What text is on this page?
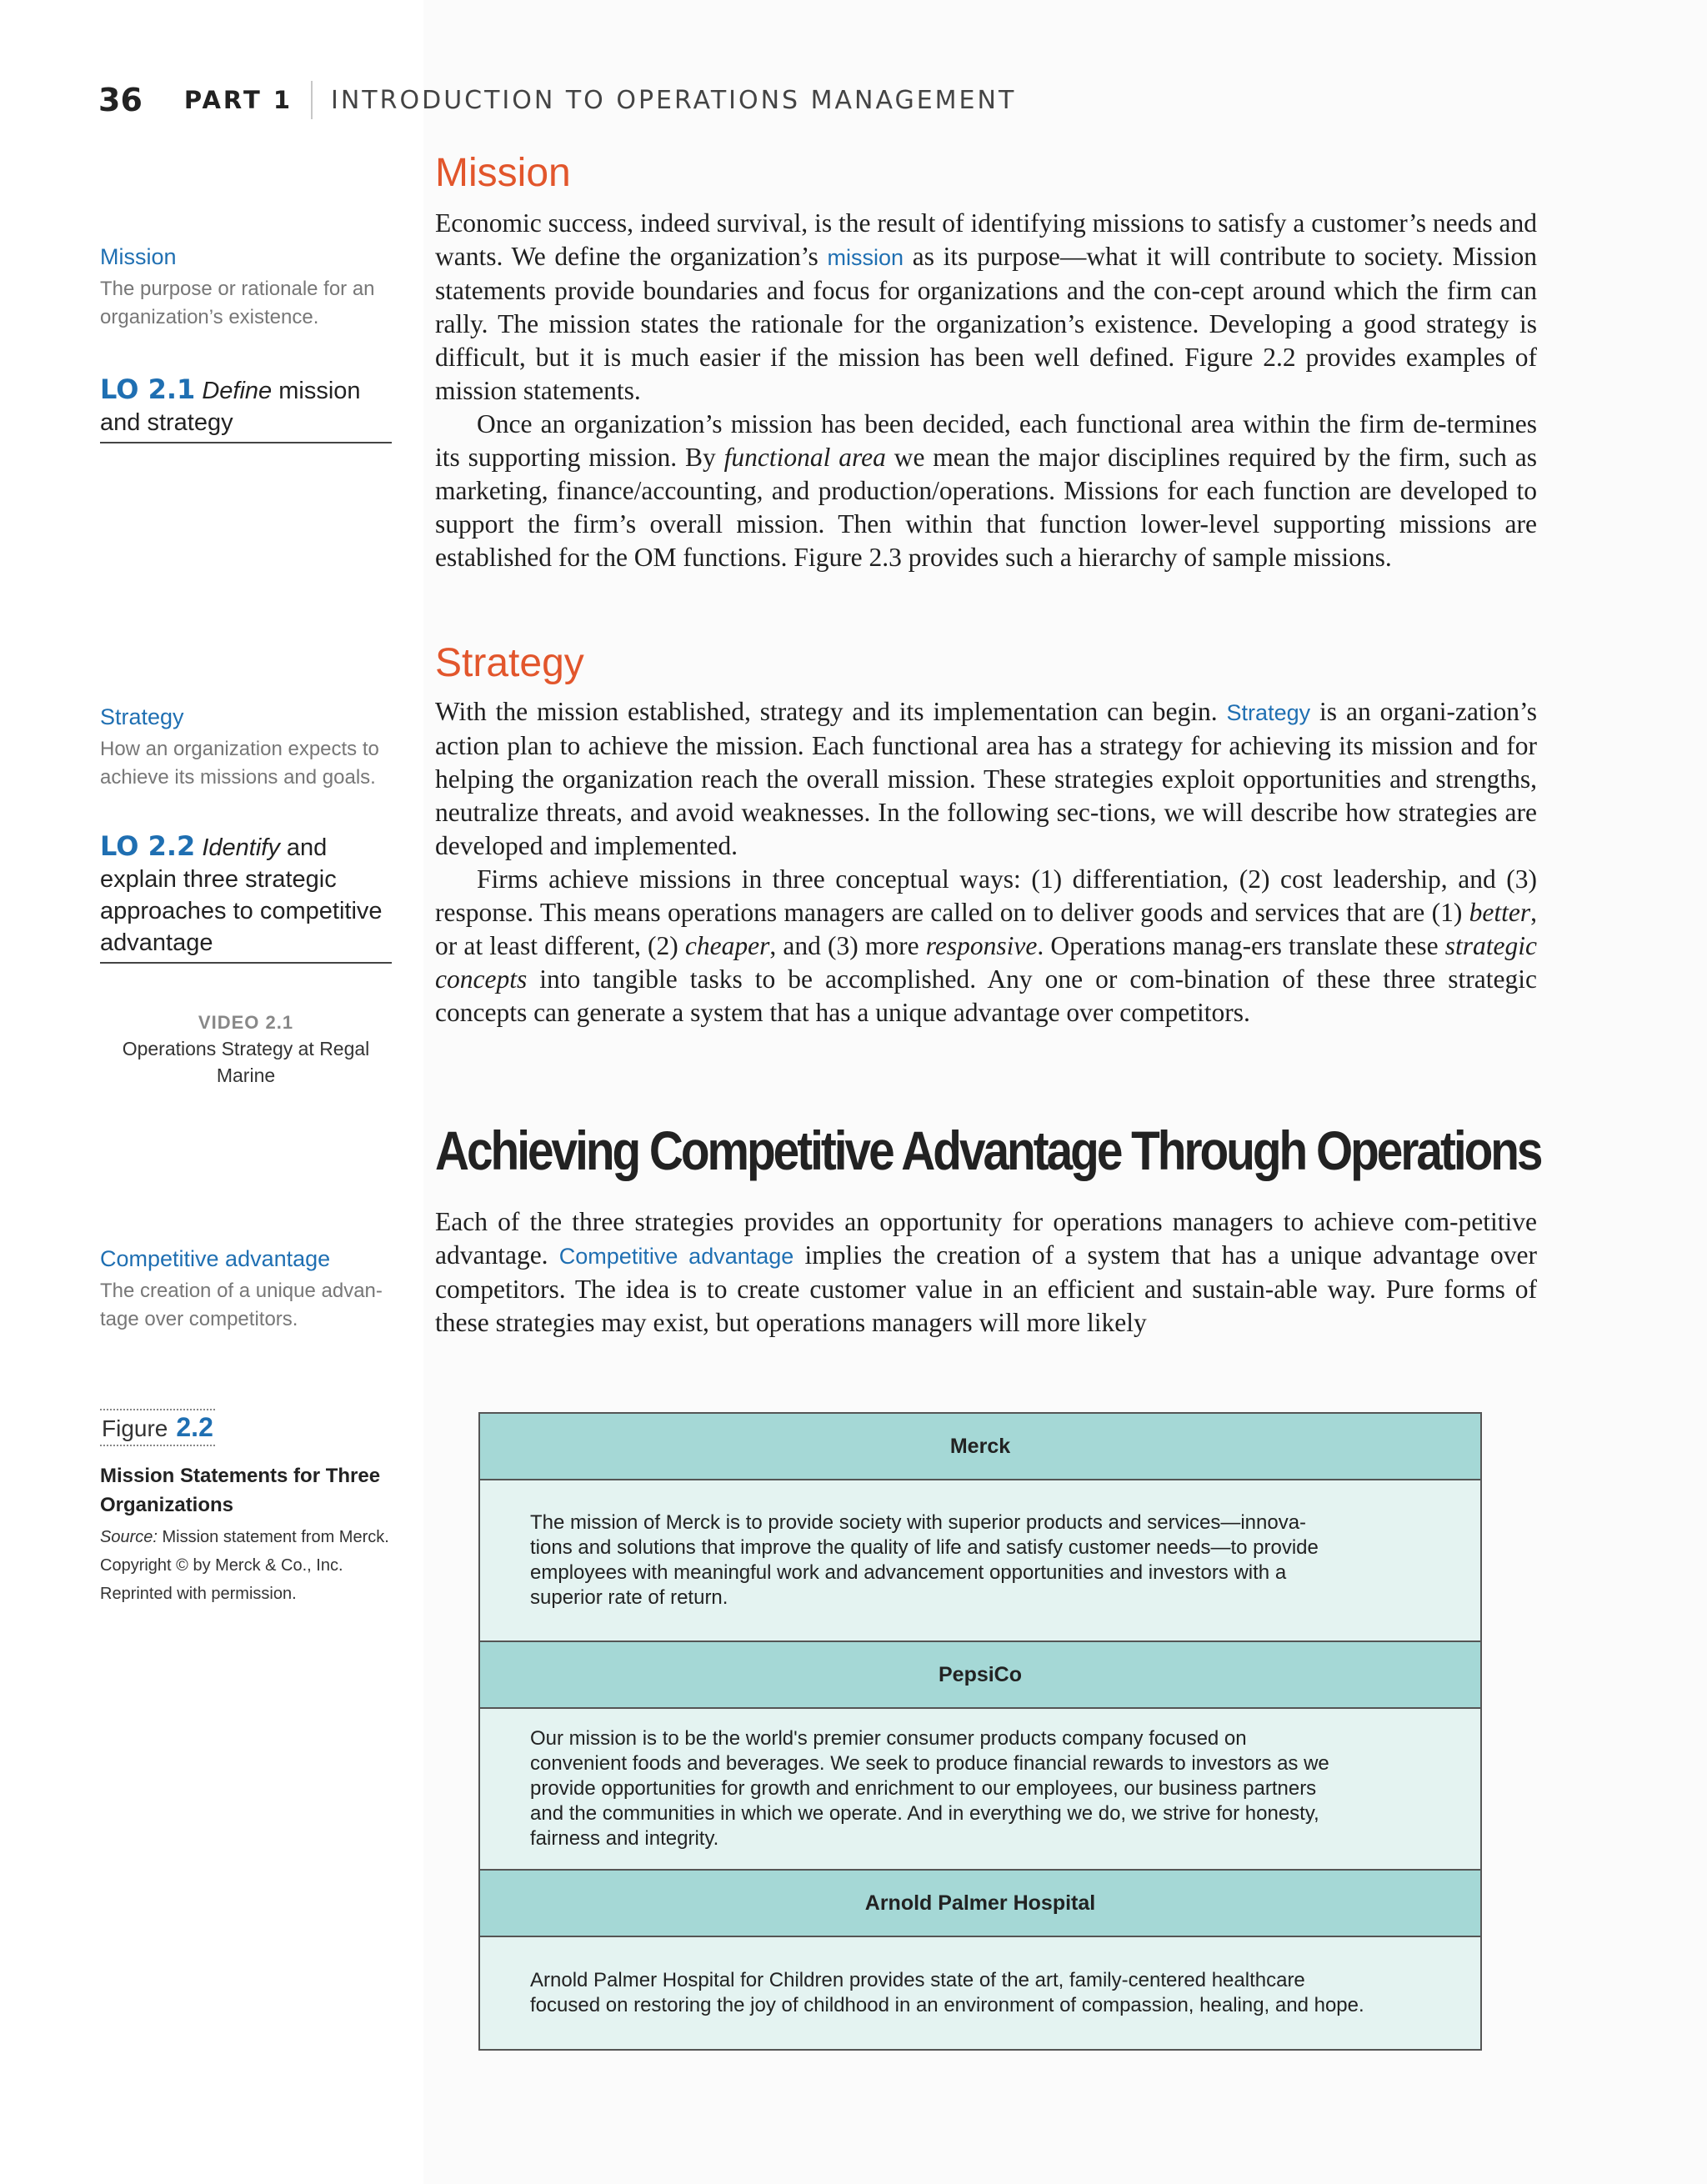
36 PART 1 INTRODUCTION TO OPERATIONS MANAGEMENT
Mission
The purpose or rationale for an organization’s existence.
LO 2.1 Define mission and strategy
Strategy
How an organization expects to achieve its missions and goals.
LO 2.2 Identify and explain three strategic approaches to competitive advantage
VIDEO 2.1
Operations Strategy at Regal Marine
Competitive advantage
The creation of a unique advan-tage over competitors.
Figure 2.2
Mission Statements for Three Organizations
Source: Mission statement from Merck. Copyright © by Merck & Co., Inc. Reprinted with permission.
Mission

Economic success, indeed survival, is the result of identifying missions to satisfy a customer’s needs and wants. We define the organization’s mission as its purpose—what it will contribute to society. Mission statements provide boundaries and focus for organizations and the con-cept around which the firm can rally. The mission states the rationale for the organization’s existence. Developing a good strategy is difficult, but it is much easier if the mission has been well defined. Figure 2.2 provides examples of mission statements.

Once an organization’s mission has been decided, each functional area within the firm de-termines its supporting mission. By functional area we mean the major disciplines required by the firm, such as marketing, finance/accounting, and production/operations. Missions for each function are developed to support the firm’s overall mission. Then within that function lower-level supporting missions are established for the OM functions. Figure 2.3 provides such a hierarchy of sample missions.

Strategy

With the mission established, strategy and its implementation can begin. Strategy is an organi-zation’s action plan to achieve the mission. Each functional area has a strategy for achieving its mission and for helping the organization reach the overall mission. These strategies exploit opportunities and strengths, neutralize threats, and avoid weaknesses. In the following sec-tions, we will describe how strategies are developed and implemented.

Firms achieve missions in three conceptual ways: (1) differentiation, (2) cost leadership, and (3) response. This means operations managers are called on to deliver goods and services that are (1) better, or at least different, (2) cheaper, and (3) more responsive. Operations manag-ers translate these strategic concepts into tangible tasks to be accomplished. Any one or com-bination of these three strategic concepts can generate a system that has a unique advantage over competitors.

Achieving Competitive Advantage Through Operations

Each of the three strategies provides an opportunity for operations managers to achieve com-petitive advantage. Competitive advantage implies the creation of a system that has a unique advantage over competitors. The idea is to create customer value in an efficient and sustain-able way. Pure forms of these strategies may exist, but operations managers will more likely

Merck
The mission of Merck is to provide society with superior products and services—innova-
tions and solutions that improve the quality of life and satisfy customer needs—to provide
employees with meaningful work and advancement opportunities and investors with a
superior rate of return.
PepsiCo
Our mission is to be the world's premier consumer products company focused on
convenient foods and beverages. We seek to produce financial rewards to investors as we
provide opportunities for growth and enrichment to our employees, our business partners
and the communities in which we operate. And in everything we do, we strive for honesty,
fairness and integrity.
Arnold Palmer Hospital
Arnold Palmer Hospital for Children provides state of the art, family-centered healthcare
focused on restoring the joy of childhood in an environment of compassion, healing, and hope.
